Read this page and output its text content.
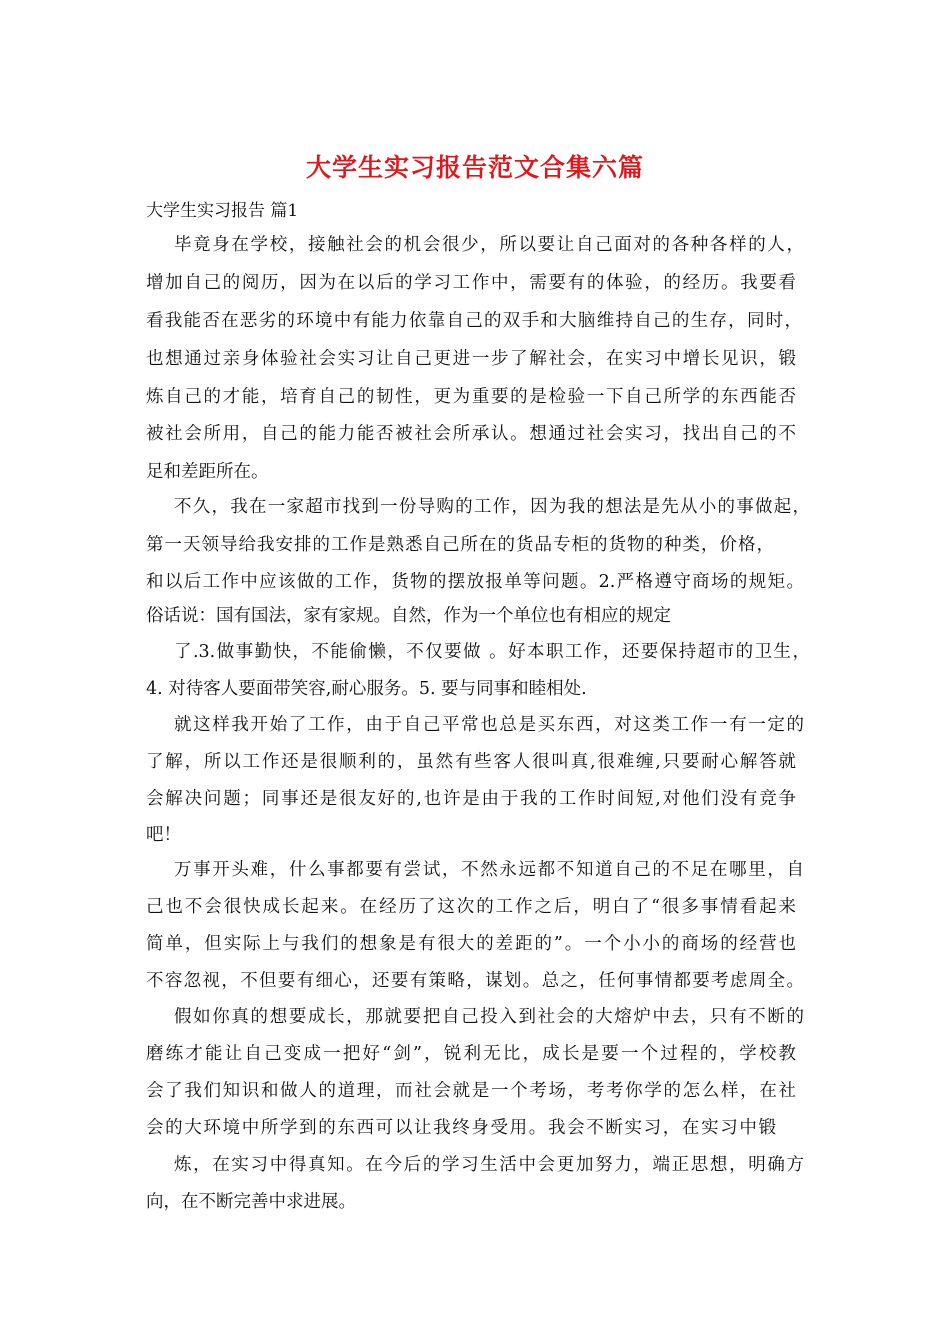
大学生实习报告范文合集六篇
大学生实习报告 篇1
毕竟身在学校，接触社会的机会很少，所以要让自己面对的各种各样的人，
增加自己的阅历，因为在以后的学习工作中，需要有的体验，的经历。我要看
看我能否在恶劣的环境中有能力依靠自己的双手和大脑维持自己的生存，同时，
也想通过亲身体验社会实习让自己更进一步了解社会，在实习中增长见识，锻
炼自己的才能，培育自己的韧性，更为重要的是检验一下自己所学的东西能否
被社会所用，自己的能力能否被社会所承认。想通过社会实习，找出自己的不
足和差距所在。
不久，我在一家超市找到一份导购的工作，因为我的想法是先从小的事做起，
第一天领导给我安排的工作是熟悉自己所在的货品专柜的货物的种类，价格，
和以后工作中应该做的工作，货物的摆放报单等问题。2.严格遵守商场的规矩。
俗话说：国有国法，家有家规。自然，作为一个单位也有相应的规定
了.3.做事勤快，不能偷懒，不仅要做 。好本职工作，还要保持超市的卫生，
4. 对待客人要面带笑容,耐心服务。5. 要与同事和睦相处.
就这样我开始了工作，由于自己平常也总是买东西，对这类工作一有一定的
了解，所以工作还是很顺利的，虽然有些客人很叫真,很难缠,只要耐心解答就
会解决问题；同事还是很友好的,也许是由于我的工作时间短,对他们没有竞争
吧！
万事开头难，什么事都要有尝试，不然永远都不知道自己的不足在哪里，自
己也不会很快成长起来。在经历了这次的工作之后，明白了“很多事情看起来
简单，但实际上与我们的想象是有很大的差距的”。一个小小的商场的经营也
不容忽视，不但要有细心，还要有策略，谋划。总之，任何事情都要考虑周全。
假如你真的想要成长，那就要把自己投入到社会的大熔炉中去，只有不断的
磨练才能让自己变成一把好“剑”，锐利无比，成长是要一个过程的，学校教
会了我们知识和做人的道理，而社会就是一个考场，考考你学的怎么样，在社
会的大环境中所学到的东西可以让我终身受用。我会不断实习，在实习中锻
炼，在实习中得真知。在今后的学习生活中会更加努力，端正思想，明确方
向，在不断完善中求进展。
